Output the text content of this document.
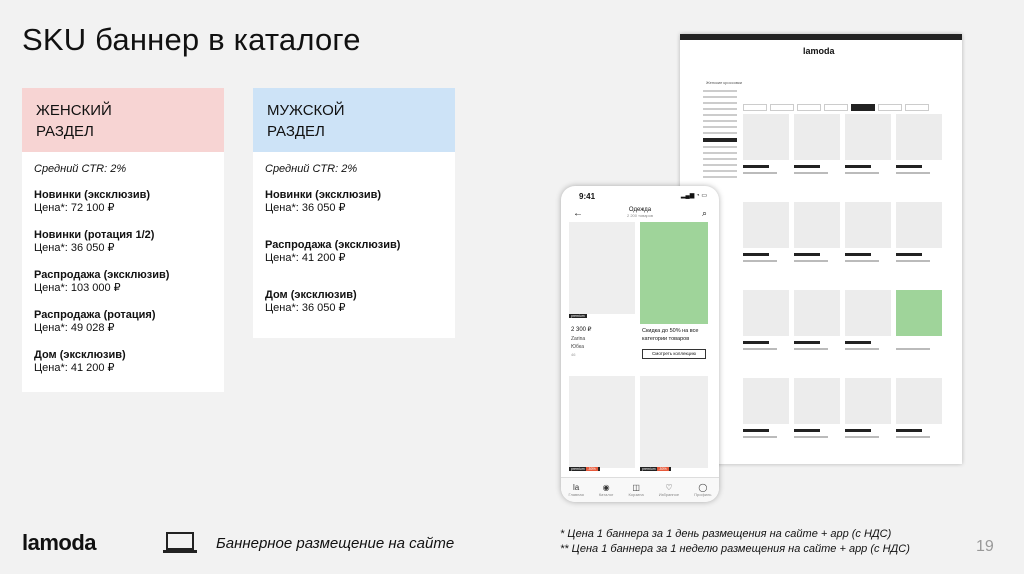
SKU баннер в каталоге
ЖЕНСКИЙ
РАЗДЕЛ
Средний CTR: 2%
Новинки (эксклюзив)
Цена*: 72 100 ₽
Новинки (ротация 1/2)
Цена*: 36 050 ₽
Распродажа (эксклюзив)
Цена*: 103 000 ₽
Распродажа (ротация)
Цена*: 49 028 ₽
Дом (эксклюзив)
Цена*: 41 200 ₽
МУЖСКОЙ
РАЗДЕЛ
Средний CTR: 2%
Новинки (эксклюзив)
Цена*: 36 050 ₽
Распродажа (эксклюзив)
Цена*: 41 200 ₽
Дом (эксклюзив)
Цена*: 36 050 ₽
lamoda
Женские кроссовки
9:41	▂▄▆ ◔ ▭
←	Одежда
2 200 товаров	⌕
premium
2 300 ₽
Zarina
Юбка
46
Скидка до 50% на все категории товаров
Смотреть коллекцию
premium -50%	premium -50%
la
Главная
◉
Каталог
◫
Корзина
♡
Избранное
◯
Профиль
lamoda	Баннерное размещение на сайте
* Цена 1 баннера за 1 день размещения на сайте + app (с НДС)
** Цена 1 баннера за 1 неделю размещения на сайте + app (с НДС)	19
